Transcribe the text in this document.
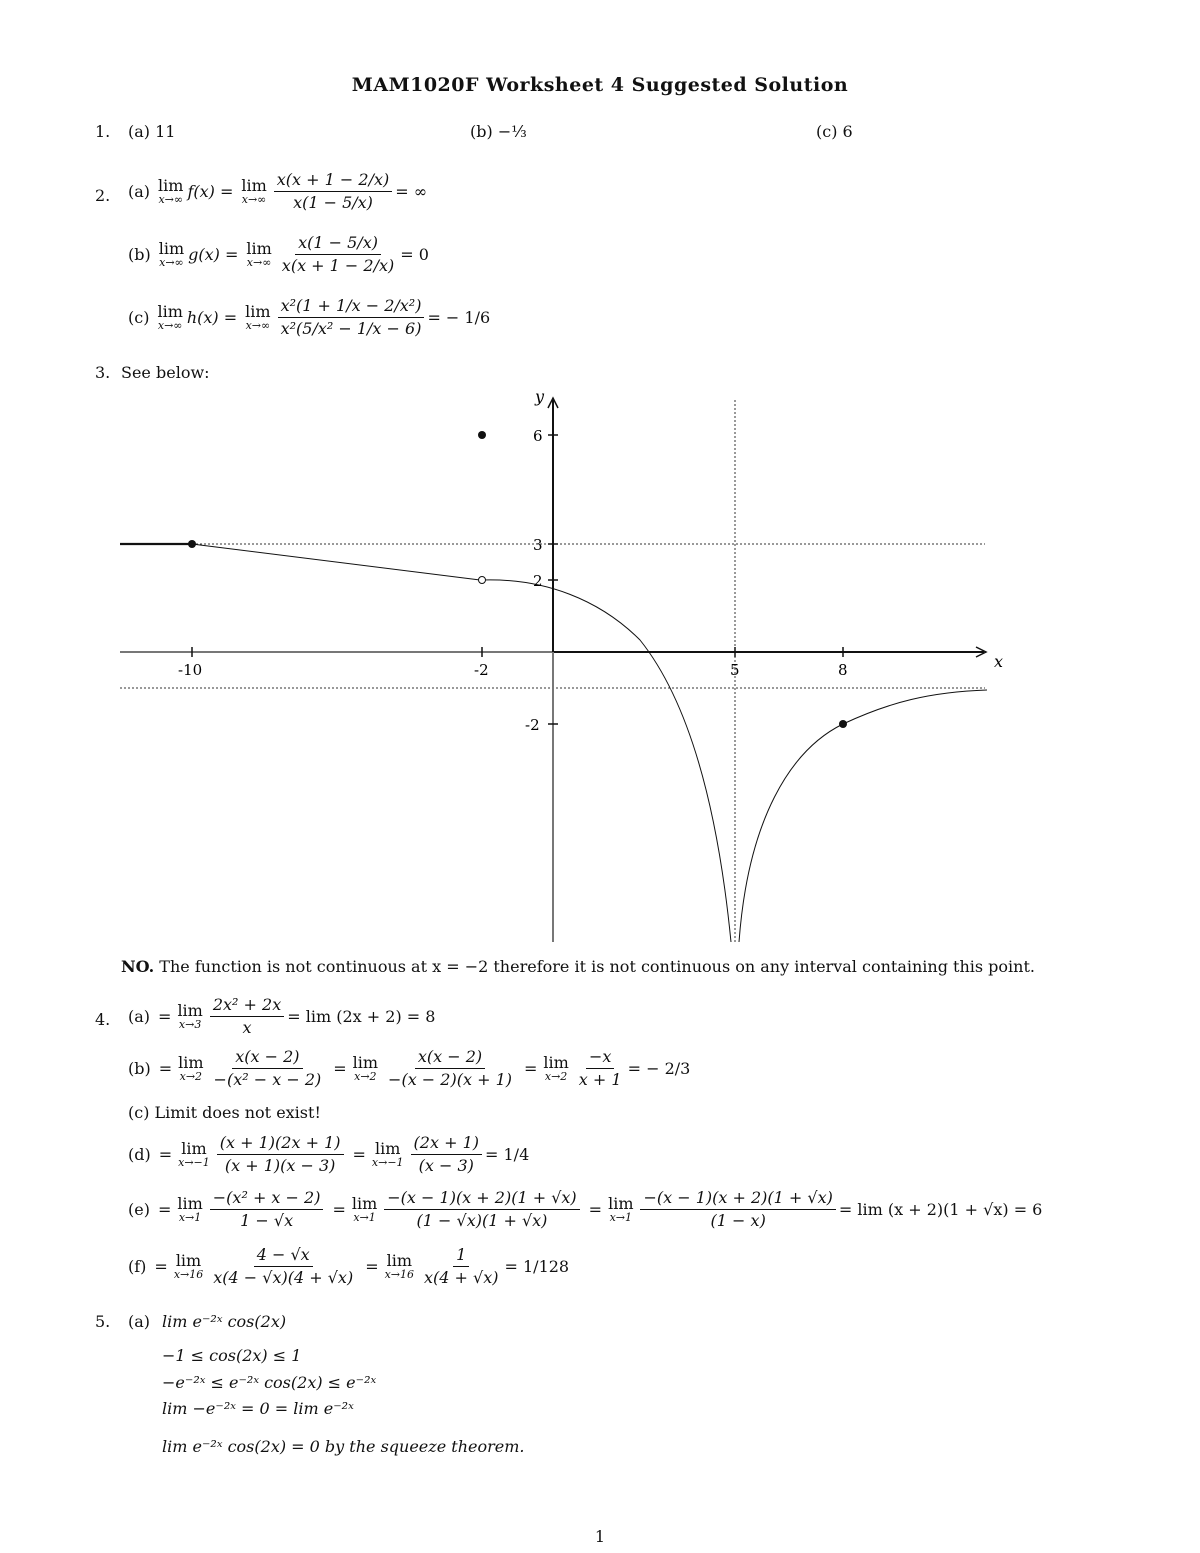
MAM1020F Worksheet 4 Suggested Solution
1. (a) 11	(b) −⅓	(c) 6
2. (a) lim
x→∞ f(x) = lim
$x\to\infty \frac{x(x + 1 - 2/x)}{x(1 - 5/x)}$ = ∞
(b) lim
x→∞ g(x) = lim
$x\to\infty \frac{x(1 - 5/x)}{x(x + 1 - 2/x)} = 0$
(c) lim
x→∞ h(x) = lim
$x\to\infty \frac{\text{x²(1 + 1/x − 2/x²)}}{\text{x²(5/x² − 1/x − 6)}}$ = − 1/6
3. See below:
x
y
-10	-2	5	8
6
3
2
-2
NO. The function is not continuous at x = −2 therefore it is not continuous on any interval containing this point.
4. (a) = lim
$x\to 3 \frac{\text{2x² + 2x}}{x} = \lim (2x + 2) = 8$
(b) = lim
$x\to 2 \frac{x(x - 2)}{\text{−(x² − x − 2)}} = \lim$
$x\to 2 \frac{x(x - 2)}{-(x - 2)(x + 1)} = \lim$
$x\to 2 \frac{-x}{x + 1}$ = − 2/3
(c) Limit does not exist!
(d) = lim
$x\to-1 \frac{(x + 1)(2x + 1)}{(x + 1)(x - 3)} = \lim$
$x\to-1 \frac{(2x + 1)}{(x - 3)} = 1/4$
(e) = lim
$x\to 1 \frac{\text{−(x² + x − 2)}}{1 - √x} = \lim$
$x\to 1 \frac{-(x - 1)(x + 2)(1 + √x)}{(1 - √x)(1 + √x)} = \lim$
$x\to 1 \frac{-(x - 1)(x + 2)(1 + √x)}{(1 - x)} = \lim (x + 2)(1 + √x) = 6$
(f) = lim
$x\to 16 \frac{4 - √x}{x(4 - √x)(4 + √x)} = \lim$
$x\to 16 \frac{1}{x(4 + √x)} = 1/128$
5. (a) lim e⁻²ˣ cos(2x)
−1 ≤ cos(2x) ≤ 1
−e⁻²ˣ ≤ e⁻²ˣ cos(2x) ≤ e⁻²ˣ
lim −e⁻²ˣ = 0 = lim e⁻²ˣ
lim e⁻²ˣ cos(2x) = 0 by the squeeze theorem.
1
